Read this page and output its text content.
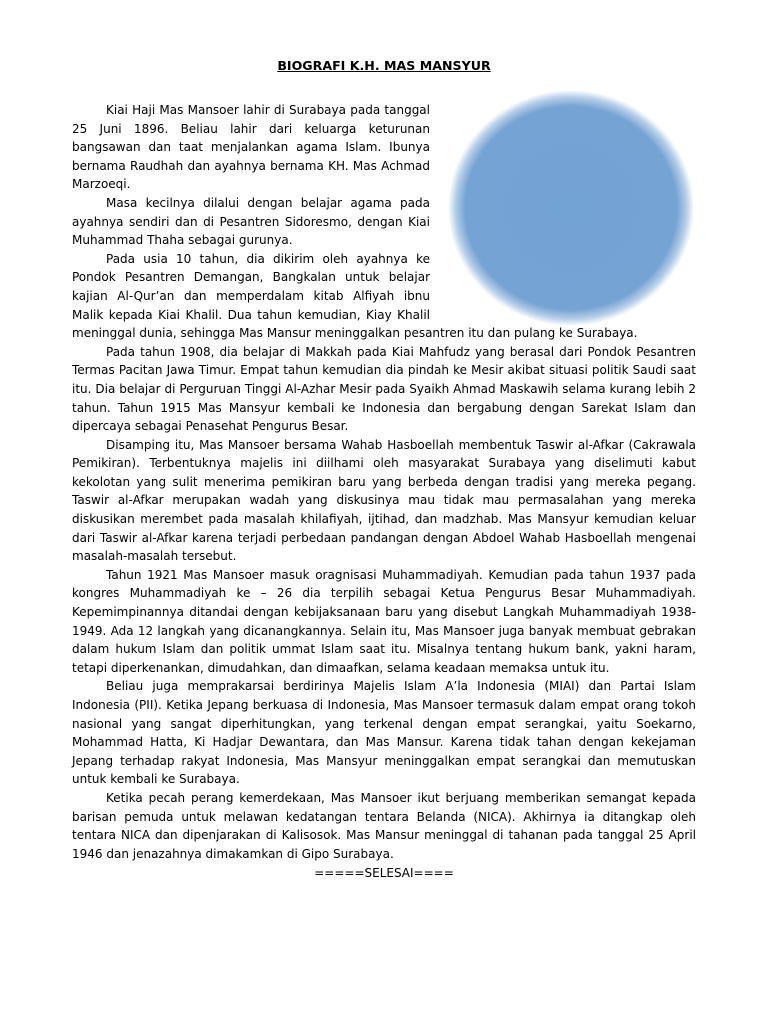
BIOGRAFI K.H. MAS MANSYUR

Kiai Haji Mas Mansoer lahir di Surabaya pada tanggal 25 Juni 1896. Beliau lahir dari keluarga keturunan bangsawan dan taat menjalankan agama Islam. Ibunya bernama Raudhah dan ayahnya bernama KH. Mas Achmad Marzoeqi.

Masa kecilnya dilalui dengan belajar agama pada ayahnya sendiri dan di Pesantren Sidoresmo, dengan Kiai Muhammad Thaha sebagai gurunya.

Pada usia 10 tahun, dia dikirim oleh ayahnya ke Pondok Pesantren Demangan, Bangkalan untuk belajar kajian Al-Qur’an dan memperdalam kitab Alfiyah ibnu Malik kepada Kiai Khalil. Dua tahun kemudian, Kiay Khalil

meninggal dunia, sehingga Mas Mansur meninggalkan pesantren itu dan pulang ke Surabaya.

Pada tahun 1908, dia belajar di Makkah pada Kiai Mahfudz yang berasal dari Pondok Pesantren Termas Pacitan Jawa Timur. Empat tahun kemudian dia pindah ke Mesir akibat situasi politik Saudi saat itu. Dia belajar di Perguruan Tinggi Al-Azhar Mesir pada Syaikh Ahmad Maskawih selama kurang lebih 2 tahun. Tahun 1915 Mas Mansyur kembali ke Indonesia dan bergabung dengan Sarekat Islam dan dipercaya sebagai Penasehat Pengurus Besar.

Disamping itu, Mas Mansoer bersama Wahab Hasboellah membentuk Taswir al-Afkar (Cakrawala Pemikiran). Terbentuknya majelis ini diilhami oleh masyarakat Surabaya yang diselimuti kabut kekolotan yang sulit menerima pemikiran baru yang berbeda dengan tradisi yang mereka pegang. Taswir al-Afkar merupakan wadah yang diskusinya mau tidak mau permasalahan yang mereka diskusikan merembet pada masalah khilafiyah, ijtihad, dan madzhab. Mas Mansyur kemudian keluar dari Taswir al-Afkar karena terjadi perbedaan pandangan dengan Abdoel Wahab Hasboellah mengenai masalah-masalah tersebut.

Tahun 1921 Mas Mansoer masuk oragnisasi Muhammadiyah. Kemudian pada tahun 1937 pada kongres Muhammadiyah ke – 26 dia terpilih sebagai Ketua Pengurus Besar Muhammadiyah. Kepemimpinannya ditandai dengan kebijaksanaan baru yang disebut Langkah Muhammadiyah 1938-1949. Ada 12 langkah yang dicanangkannya. Selain itu, Mas Mansoer juga banyak membuat gebrakan dalam hukum Islam dan politik ummat Islam saat itu. Misalnya tentang hukum bank, yakni haram, tetapi diperkenankan, dimudahkan, dan dimaafkan, selama keadaan memaksa untuk itu.

Beliau juga memprakarsai berdirinya Majelis Islam A’la Indonesia (MIAI) dan Partai Islam Indonesia (PII). Ketika Jepang berkuasa di Indonesia, Mas Mansoer termasuk dalam empat orang tokoh nasional yang sangat diperhitungkan, yang terkenal dengan empat serangkai, yaitu Soekarno, Mohammad Hatta, Ki Hadjar Dewantara, dan Mas Mansur. Karena tidak tahan dengan kekejaman Jepang terhadap rakyat Indonesia, Mas Mansyur meninggalkan empat serangkai dan memutuskan untuk kembali ke Surabaya.

Ketika pecah perang kemerdekaan, Mas Mansoer ikut berjuang memberikan semangat kepada barisan pemuda untuk melawan kedatangan tentara Belanda (NICA). Akhirnya ia ditangkap oleh tentara NICA dan dipenjarakan di Kalisosok. Mas Mansur meninggal di tahanan pada tanggal 25 April 1946 dan jenazahnya dimakamkan di Gipo Surabaya.

=====SELESAI====
